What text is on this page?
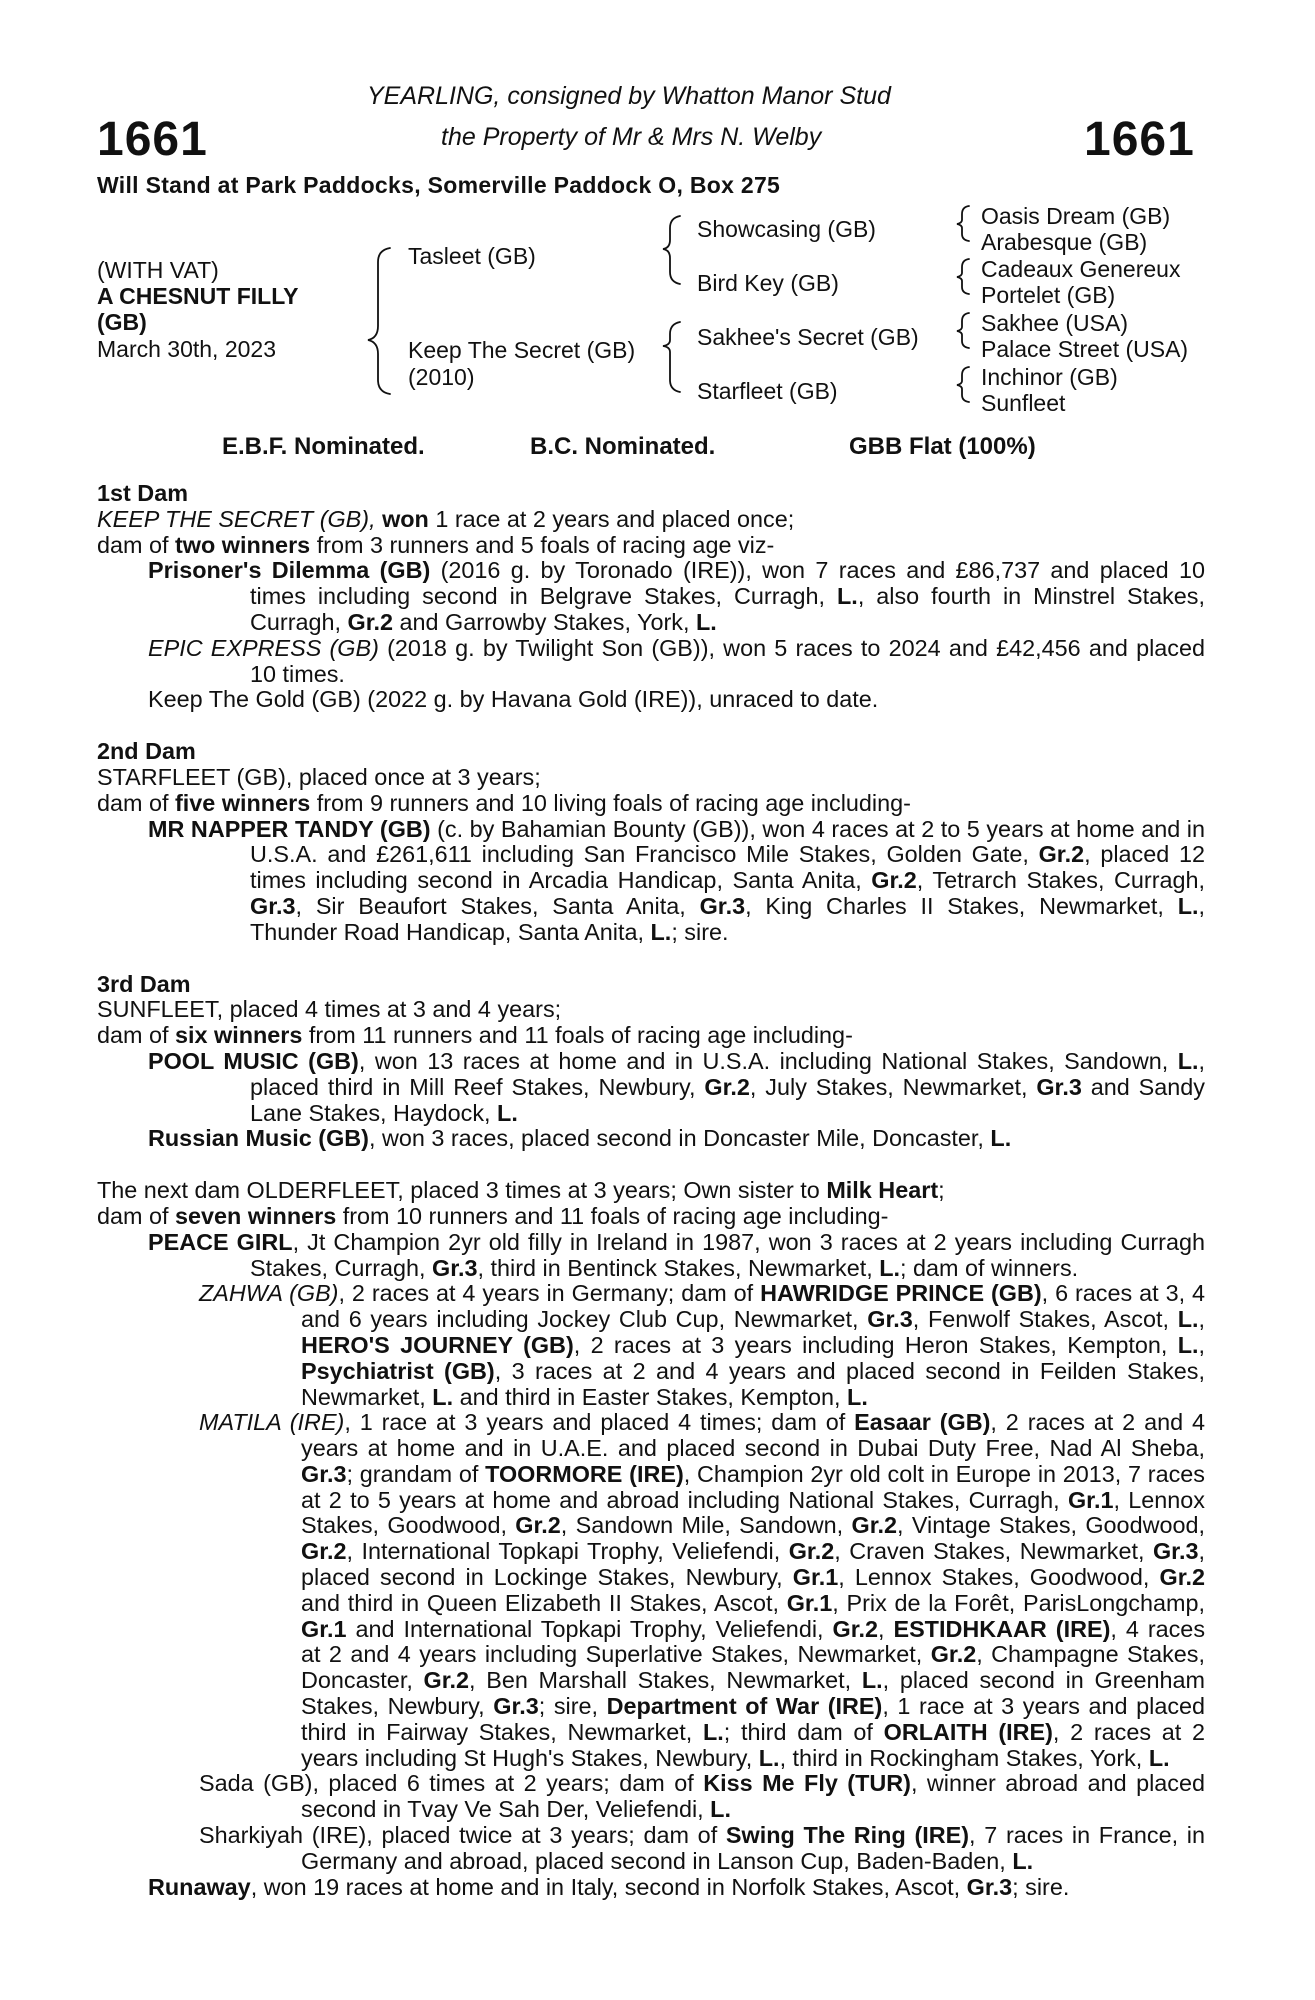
1661	1661
YEARLING, consigned by Whatton Manor Stud
the Property of Mr & Mrs N. Welby
Will Stand at Park Paddocks, Somerville Paddock O, Box 275
(WITH VAT)
A CHESNUT FILLY
(GB)
March 30th, 2023
Tasleet (GB)
Keep The Secret (GB)
(2010)
Showcasing (GB)
Bird Key (GB)
Sakhee's Secret (GB)
Starfleet (GB)
Oasis Dream (GB)
Arabesque (GB)
Cadeaux Genereux
Portelet (GB)
Sakhee (USA)
Palace Street (USA)
Inchinor (GB)
Sunfleet
E.B.F. Nominated.	B.C. Nominated.	GBB Flat (100%)

1st Dam

KEEP THE SECRET (GB), won 1 race at 2 years and placed once;

dam of two winners from 3 runners and 5 foals of racing age viz-

Prisoner's Dilemma (GB) (2016 g. by Toronado (IRE)), won 7 races and £86,737 and placed 10 times including second in Belgrave Stakes, Curragh, L., also fourth in Minstrel Stakes, Curragh, Gr.2 and Garrowby Stakes, York, L.

EPIC EXPRESS (GB) (2018 g. by Twilight Son (GB)), won 5 races to 2024 and £42,456 and placed 10 times.

Keep The Gold (GB) (2022 g. by Havana Gold (IRE)), unraced to date.

2nd Dam

STARFLEET (GB), placed once at 3 years;

dam of five winners from 9 runners and 10 living foals of racing age including-

MR NAPPER TANDY (GB) (c. by Bahamian Bounty (GB)), won 4 races at 2 to 5 years at home and in U.S.A. and £261,611 including San Francisco Mile Stakes, Golden Gate, Gr.2, placed 12 times including second in Arcadia Handicap, Santa Anita, Gr.2, Tetrarch Stakes, Curragh, Gr.3, Sir Beaufort Stakes, Santa Anita, Gr.3, King Charles II Stakes, Newmarket, L., Thunder Road Handicap, Santa Anita, L.; sire.

3rd Dam

SUNFLEET, placed 4 times at 3 and 4 years;

dam of six winners from 11 runners and 11 foals of racing age including-

POOL MUSIC (GB), won 13 races at home and in U.S.A. including National Stakes, Sandown, L., placed third in Mill Reef Stakes, Newbury, Gr.2, July Stakes, Newmarket, Gr.3 and Sandy Lane Stakes, Haydock, L.

Russian Music (GB), won 3 races, placed second in Doncaster Mile, Doncaster, L.

The next dam OLDERFLEET, placed 3 times at 3 years; Own sister to Milk Heart;

dam of seven winners from 10 runners and 11 foals of racing age including-

PEACE GIRL, Jt Champion 2yr old filly in Ireland in 1987, won 3 races at 2 years including Curragh Stakes, Curragh, Gr.3, third in Bentinck Stakes, Newmarket, L.; dam of winners.

ZAHWA (GB), 2 races at 4 years in Germany; dam of HAWRIDGE PRINCE (GB), 6 races at 3, 4 and 6 years including Jockey Club Cup, Newmarket, Gr.3, Fenwolf Stakes, Ascot, L., HERO'S JOURNEY (GB), 2 races at 3 years including Heron Stakes, Kempton, L., Psychiatrist (GB), 3 races at 2 and 4 years and placed second in Feilden Stakes, Newmarket, L. and third in Easter Stakes, Kempton, L.

MATILA (IRE), 1 race at 3 years and placed 4 times; dam of Easaar (GB), 2 races at 2 and 4 years at home and in U.A.E. and placed second in Dubai Duty Free, Nad Al Sheba, Gr.3; grandam of TOORMORE (IRE), Champion 2yr old colt in Europe in 2013, 7 races at 2 to 5 years at home and abroad including National Stakes, Curragh, Gr.1, Lennox Stakes, Goodwood, Gr.2, Sandown Mile, Sandown, Gr.2, Vintage Stakes, Goodwood, Gr.2, International Topkapi Trophy, Veliefendi, Gr.2, Craven Stakes, Newmarket, Gr.3, placed second in Lockinge Stakes, Newbury, Gr.1, Lennox Stakes, Goodwood, Gr.2 and third in Queen Elizabeth II Stakes, Ascot, Gr.1, Prix de la Forêt, ParisLongchamp, Gr.1 and International Topkapi Trophy, Veliefendi, Gr.2, ESTIDHKAAR (IRE), 4 races at 2 and 4 years including Superlative Stakes, Newmarket, Gr.2, Champagne Stakes, Doncaster, Gr.2, Ben Marshall Stakes, Newmarket, L., placed second in Greenham Stakes, Newbury, Gr.3; sire, Department of War (IRE), 1 race at 3 years and placed third in Fairway Stakes, Newmarket, L.; third dam of ORLAITH (IRE), 2 races at 2 years including St Hugh's Stakes, Newbury, L., third in Rockingham Stakes, York, L.

Sada (GB), placed 6 times at 2 years; dam of Kiss Me Fly (TUR), winner abroad and placed second in Tvay Ve Sah Der, Veliefendi, L.

Sharkiyah (IRE), placed twice at 3 years; dam of Swing The Ring (IRE), 7 races in France, in Germany and abroad, placed second in Lanson Cup, Baden-Baden, L.

Runaway, won 19 races at home and in Italy, second in Norfolk Stakes, Ascot, Gr.3; sire.
